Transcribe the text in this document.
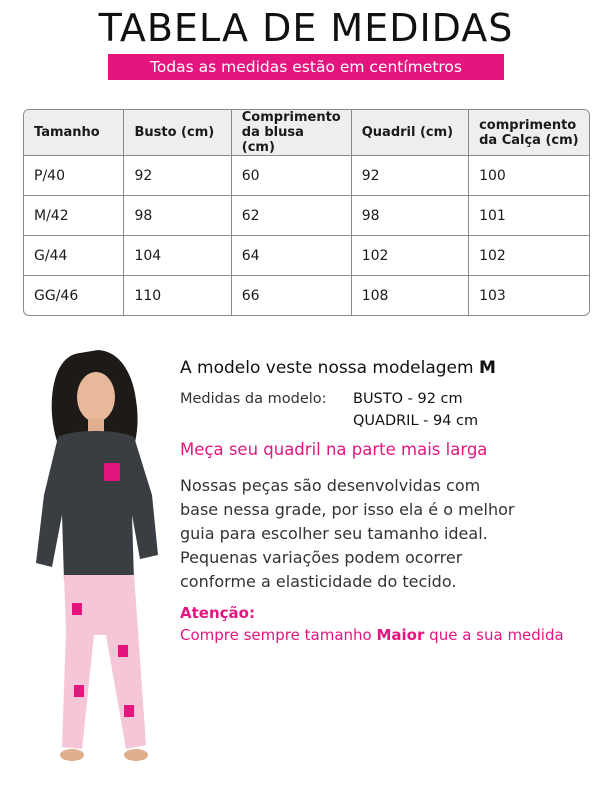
TABELA DE MEDIDAS
Todas as medidas estão em centímetros
Tamanho	Busto (cm)	Comprimento da blusa (cm)	Quadril (cm)	comprimento da Calça (cm)
P/40	92	60	92	100
M/42	98	62	98	101
G/44	104	64	102	102
GG/46	110	66	108	103
A modelo veste nossa modelagem M
Medidas da modelo: BUSTO - 92 cm
QUADRIL - 94 cm
Meça seu quadril na parte mais larga
Nossas peças são desenvolvidas com
base nessa grade, por isso ela é o melhor
guia para escolher seu tamanho ideal.
Pequenas variações podem ocorrer
conforme a elasticidade do tecido.
Atenção:
Compre sempre tamanho Maior que a sua medida
